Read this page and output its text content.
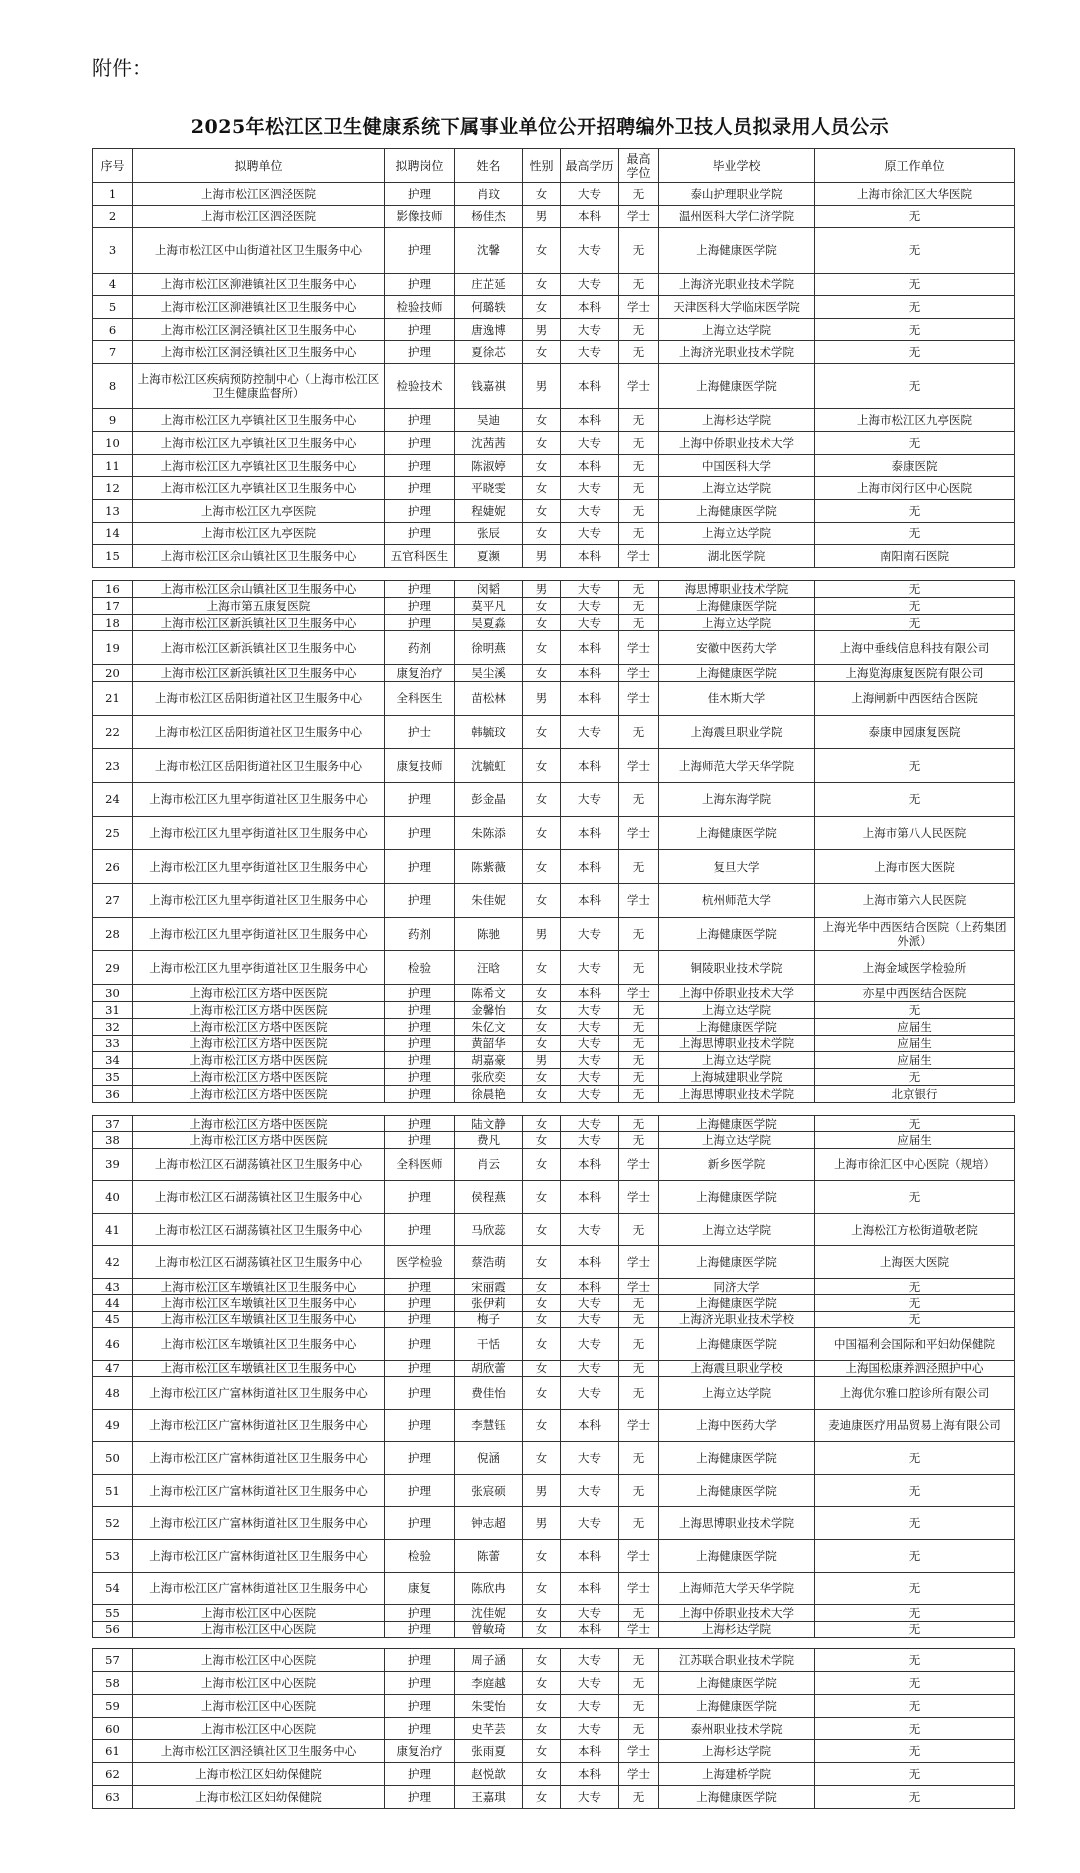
附件：
2025年松江区卫生健康系统下属事业单位公开招聘编外卫技人员拟录用人员公示
序号	拟聘单位	拟聘岗位	姓名	性别	最高学历	最高学位	毕业学校	原工作单位
1	上海市松江区泗泾医院	护理	肖玟	女	大专	无	泰山护理职业学院	上海市徐汇区大华医院
2	上海市松江区泗泾医院	影像技师	杨佳杰	男	本科	学士	温州医科大学仁济学院	无
3	上海市松江区中山街道社区卫生服务中心	护理	沈馨	女	大专	无	上海健康医学院	无
4	上海市松江区泖港镇社区卫生服务中心	护理	庄芷延	女	大专	无	上海济光职业技术学院	无
5	上海市松江区泖港镇社区卫生服务中心	检验技师	何璐轶	女	本科	学士	天津医科大学临床医学院	无
6	上海市松江区洞泾镇社区卫生服务中心	护理	唐逸博	男	大专	无	上海立达学院	无
7	上海市松江区洞泾镇社区卫生服务中心	护理	夏徐芯	女	大专	无	上海济光职业技术学院	无
8	上海市松江区疾病预防控制中心（上海市松江区卫生健康监督所）	检验技术	钱嘉祺	男	本科	学士	上海健康医学院	无
9	上海市松江区九亭镇社区卫生服务中心	护理	吴迪	女	本科	无	上海杉达学院	上海市松江区九亭医院
10	上海市松江区九亭镇社区卫生服务中心	护理	沈茜茜	女	大专	无	上海中侨职业技术大学	无
11	上海市松江区九亭镇社区卫生服务中心	护理	陈淑婷	女	本科	无	中国医科大学	泰康医院
12	上海市松江区九亭镇社区卫生服务中心	护理	平晓雯	女	大专	无	上海立达学院	上海市闵行区中心医院
13	上海市松江区九亭医院	护理	程婕妮	女	大专	无	上海健康医学院	无
14	上海市松江区九亭医院	护理	张辰	女	大专	无	上海立达学院	无
15	上海市松江区佘山镇社区卫生服务中心	五官科医生	夏濒	男	本科	学士	湖北医学院	南阳南石医院
16	上海市松江区佘山镇社区卫生服务中心	护理	闵韬	男	大专	无	海思博职业技术学院	无
17	上海市第五康复医院	护理	莫平凡	女	大专	无	上海健康医学院	无
18	上海市松江区新浜镇社区卫生服务中心	护理	吴夏淼	女	大专	无	上海立达学院	无
19	上海市松江区新浜镇社区卫生服务中心	药剂	徐明燕	女	本科	学士	安徽中医药大学	上海中垂线信息科技有限公司
20	上海市松江区新浜镇社区卫生服务中心	康复治疗	吴尘溪	女	本科	学士	上海健康医学院	上海览海康复医院有限公司
21	上海市松江区岳阳街道社区卫生服务中心	全科医生	苗松林	男	本科	学士	佳木斯大学	上海闸新中西医结合医院
22	上海市松江区岳阳街道社区卫生服务中心	护士	韩毓玟	女	大专	无	上海震旦职业学院	泰康申园康复医院
23	上海市松江区岳阳街道社区卫生服务中心	康复技师	沈毓虹	女	本科	学士	上海师范大学天华学院	无
24	上海市松江区九里亭街道社区卫生服务中心	护理	彭金晶	女	大专	无	上海东海学院	无
25	上海市松江区九里亭街道社区卫生服务中心	护理	朱陈添	女	本科	学士	上海健康医学院	上海市第八人民医院
26	上海市松江区九里亭街道社区卫生服务中心	护理	陈紫薇	女	本科	无	复旦大学	上海市医大医院
27	上海市松江区九里亭街道社区卫生服务中心	护理	朱佳妮	女	本科	学士	杭州师范大学	上海市第六人民医院
28	上海市松江区九里亭街道社区卫生服务中心	药剂	陈驰	男	大专	无	上海健康医学院	上海光华中西医结合医院（上药集团外派）
29	上海市松江区九里亭街道社区卫生服务中心	检验	汪晗	女	大专	无	铜陵职业技术学院	上海金域医学检验所
30	上海市松江区方塔中医医院	护理	陈希文	女	本科	学士	上海中侨职业技术大学	亦星中西医结合医院
31	上海市松江区方塔中医医院	护理	金馨怡	女	大专	无	上海立达学院	无
32	上海市松江区方塔中医医院	护理	朱亿文	女	大专	无	上海健康医学院	应届生
33	上海市松江区方塔中医医院	护理	黄韶华	女	大专	无	上海思博职业技术学院	应届生
34	上海市松江区方塔中医医院	护理	胡嘉豪	男	大专	无	上海立达学院	应届生
35	上海市松江区方塔中医医院	护理	张欣奕	女	大专	无	上海城建职业学院	无
36	上海市松江区方塔中医医院	护理	徐晨艳	女	大专	无	上海思博职业技术学院	北京银行
37	上海市松江区方塔中医医院	护理	陆文静	女	大专	无	上海健康医学院	无
38	上海市松江区方塔中医医院	护理	费凡	女	大专	无	上海立达学院	应届生
39	上海市松江区石湖荡镇社区卫生服务中心	全科医师	肖云	女	本科	学士	新乡医学院	上海市徐汇区中心医院（规培）
40	上海市松江区石湖荡镇社区卫生服务中心	护理	侯程燕	女	本科	学士	上海健康医学院	无
41	上海市松江区石湖荡镇社区卫生服务中心	护理	马欣蕊	女	大专	无	上海立达学院	上海松江方松街道敬老院
42	上海市松江区石湖荡镇社区卫生服务中心	医学检验	蔡浩萌	女	本科	学士	上海健康医学院	上海医大医院
43	上海市松江区车墩镇社区卫生服务中心	护理	宋丽霞	女	本科	学士	同济大学	无
44	上海市松江区车墩镇社区卫生服务中心	护理	张伊莉	女	大专	无	上海健康医学院	无
45	上海市松江区车墩镇社区卫生服务中心	护理	梅子	女	大专	无	上海济光职业技术学校	无
46	上海市松江区车墩镇社区卫生服务中心	护理	干恬	女	大专	无	上海健康医学院	中国福利会国际和平妇幼保健院
47	上海市松江区车墩镇社区卫生服务中心	护理	胡欣蕾	女	大专	无	上海震旦职业学校	上海国松康养泗泾照护中心
48	上海市松江区广富林街道社区卫生服务中心	护理	费佳怡	女	大专	无	上海立达学院	上海优尔雅口腔诊所有限公司
49	上海市松江区广富林街道社区卫生服务中心	护理	李慧钰	女	本科	学士	上海中医药大学	麦迪康医疗用品贸易上海有限公司
50	上海市松江区广富林街道社区卫生服务中心	护理	倪涵	女	大专	无	上海健康医学院	无
51	上海市松江区广富林街道社区卫生服务中心	护理	张宸硕	男	大专	无	上海健康医学院	无
52	上海市松江区广富林街道社区卫生服务中心	护理	钟志超	男	大专	无	上海思博职业技术学院	无
53	上海市松江区广富林街道社区卫生服务中心	检验	陈蕾	女	本科	学士	上海健康医学院	无
54	上海市松江区广富林街道社区卫生服务中心	康复	陈欣冉	女	本科	学士	上海师范大学天华学院	无
55	上海市松江区中心医院	护理	沈佳妮	女	大专	无	上海中侨职业技术大学	无
56	上海市松江区中心医院	护理	曾敏琦	女	本科	学士	上海杉达学院	无
57	上海市松江区中心医院	护理	周子涵	女	大专	无	江苏联合职业技术学院	无
58	上海市松江区中心医院	护理	李庭越	女	大专	无	上海健康医学院	无
59	上海市松江区中心医院	护理	朱雯怡	女	大专	无	上海健康医学院	无
60	上海市松江区中心医院	护理	史芊芸	女	大专	无	泰州职业技术学院	无
61	上海市松江区泗泾镇社区卫生服务中心	康复治疗	张雨夏	女	本科	学士	上海杉达学院	无
62	上海市松江区妇幼保健院	护理	赵悦歆	女	本科	学士	上海建桥学院	无
63	上海市松江区妇幼保健院	护理	王嘉琪	女	大专	无	上海健康医学院	无
